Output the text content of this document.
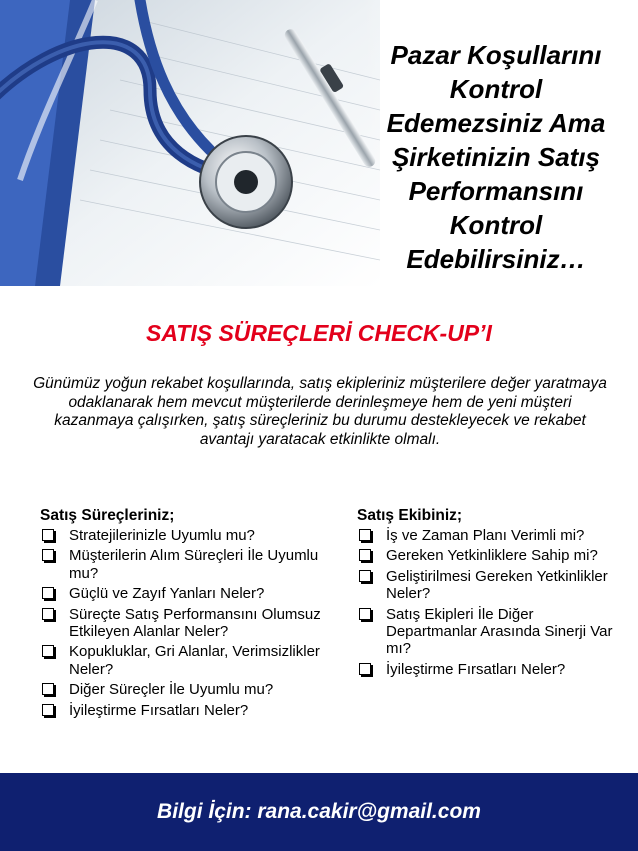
Pazar Koşullarını
Kontrol
Edemezsiniz Ama
Şirketinizin Satış
Performansını
Kontrol
Edebilirsiniz…
SATIŞ SÜREÇLERİ CHECK-UP’I
Günümüz yoğun rekabet koşullarında, satış ekipleriniz müşterilere değer yaratmaya odaklanarak hem mevcut müşterilerde derinleşmeye hem de yeni müşteri kazanmaya çalışırken, şatış süreçleriniz bu durumu destekleyecek ve rekabet avantajı yaratacak etkinlikte olmalı.
Satış Süreçleriniz;
Stratejilerinizle Uyumlu mu?
Müşterilerin Alım Süreçleri İle Uyumlu mu?
Güçlü ve Zayıf Yanları Neler?
Süreçte Satış Performansını Olumsuz Etkileyen Alanlar Neler?
Kopukluklar, Gri Alanlar, Verimsizlikler Neler?
Diğer Süreçler İle Uyumlu mu?
İyileştirme Fırsatları Neler?
Satış Ekibiniz;
İş ve Zaman Planı Verimli mi?
Gereken Yetkinliklere Sahip mi?
Geliştirilmesi Gereken Yetkinlikler Neler?
Satış Ekipleri İle Diğer Departmanlar Arasında Sinerji Var mı?
İyileştirme Fırsatları Neler?
Bilgi İçin: rana.cakir@gmail.com
